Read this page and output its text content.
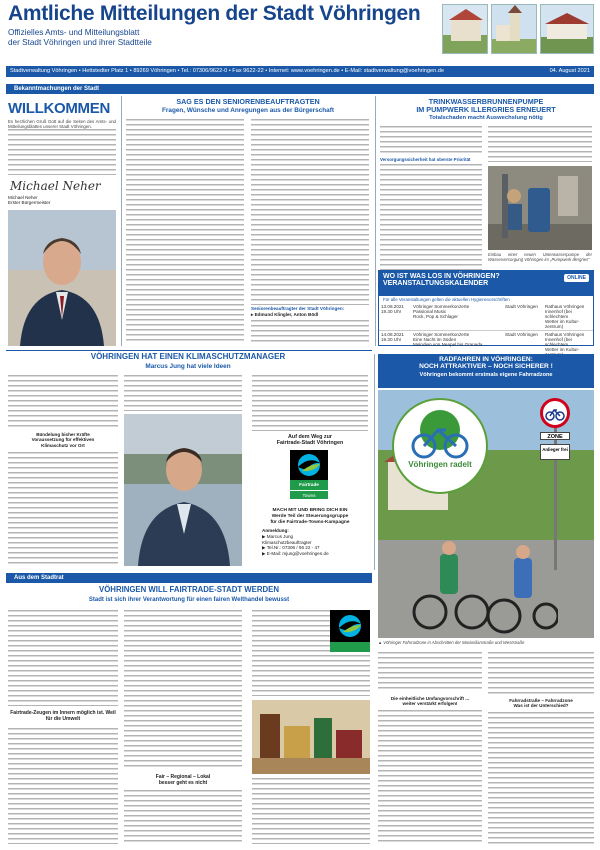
Amtliche Mitteilungen der Stadt Vöhringen
Offizielles Amts- und Mitteilungsblatt
der Stadt Vöhringen und ihrer Stadtteile
Stadtverwaltung Vöhringen • Hettstedter Platz 1 • 89269 Vöhringen • Tel.: 07306/9622-0 • Fax 9622-22 • Internet: www.voehringen.de • E-Mail: stadtverwaltung@voehringen.de	04. August 2021
Bekanntmachungen der Stadt
WILLKOMMEN
Es herzlichen Gruß Gott auf die Seiten des Amts- und Mitteilungsblattes unserer Stadt Vöhringen.
Michael Neher
Michael Neher
Erster Bürgermeister
SAG ES DEN SENIORENBEAUFTRAGTEN
Fragen, Wünsche und Anregungen aus der Bürgerschaft
Seniorenbeauftragter der Stadt Vöhringen:
▸ Edmund Klingler, Anton Bödl
TRINKWASSERBRUNNENPUMPE
IM PUMPWERK ILLERGRIES ERNEUERT
Totalschaden macht Auswechslung nötig
Versorgungssicherheit hat oberste Priorität
Einbau einer neuen Unterwasserpumpe der Wasserversorgung Vöhringen im „Pumpwerk Illergries"
WO IST WAS LOS IN VÖHRINGEN?
VERANSTALTUNGSKALENDER
ONLINE
Für alle Veranstaltungen gelten die aktuellen Hygienevorschriften
13.08.2021
19.30 Uhr	Vöhringer Sommerkonzerte
Passional Music
Rock, Pop & Schlager	Stadt Vöhringen	Rathaus Vöhringen
Innenhof (bei schlechtem
Wetter im Kultur-zentrum)
14.08.2021
19.30 Uhr	Vöhringer Sommerkonzerte
Eine Nacht im Süden
Melodien von Neapel bis Granada	Stadt Vöhringen	Rathaus Vöhringen
Innenhof (bei schlechtem
Wetter im Kultur-
VÖHRINGEN HAT EINEN KLIMASCHUTZMANAGER
Marcus Jung hat viele Ideen
Bündelung bisher Kräfte
Voraussetzung für effektiven
Klimaschutz vor Ort
Auf dem Weg zur
Fairtrade-Stadt Vöhringen
Fairtrade
Towns
MACH MIT UND BRING DICH EIN
Werde Teil der Steuerungsgruppe
für die Fairtrade-Towns-Kampagne
Anmeldung:
▶ Marcus Jung
Klimaschutzbeauftragter
▶ Tel.Nr.: 07306 / 96 22 - 47
▶ E-Mail: mjung@voehringen.de
RADFAHREN IN VÖHRINGEN:
NOCH ATTRAKTIVER – NOCH SICHERER !
Vöhringen bekommt erstmals eigene Fahrradzone
Vöhringen radelt
ZONE
Anlieger frei
▲ Vöhringer Fahrradzone in Abschnitten der Maximilianstraße und Weststraße
Die einheitliche Umfangvorschrift ...
weiter verstärkt erfolgen!
Fahrradstraße – Fahrradzone
Was ist der Unterschied?
Aus dem Stadtrat
VÖHRINGEN WILL FAIRTRADE-STADT WERDEN
Stadt ist sich ihrer Verantwortung für einen fairen Welthandel bewusst
Fairtrade-Zeugen im Innern möglich ist. Weil für die Umwelt
Fair – Regional – Lokal
besser geht es nicht
